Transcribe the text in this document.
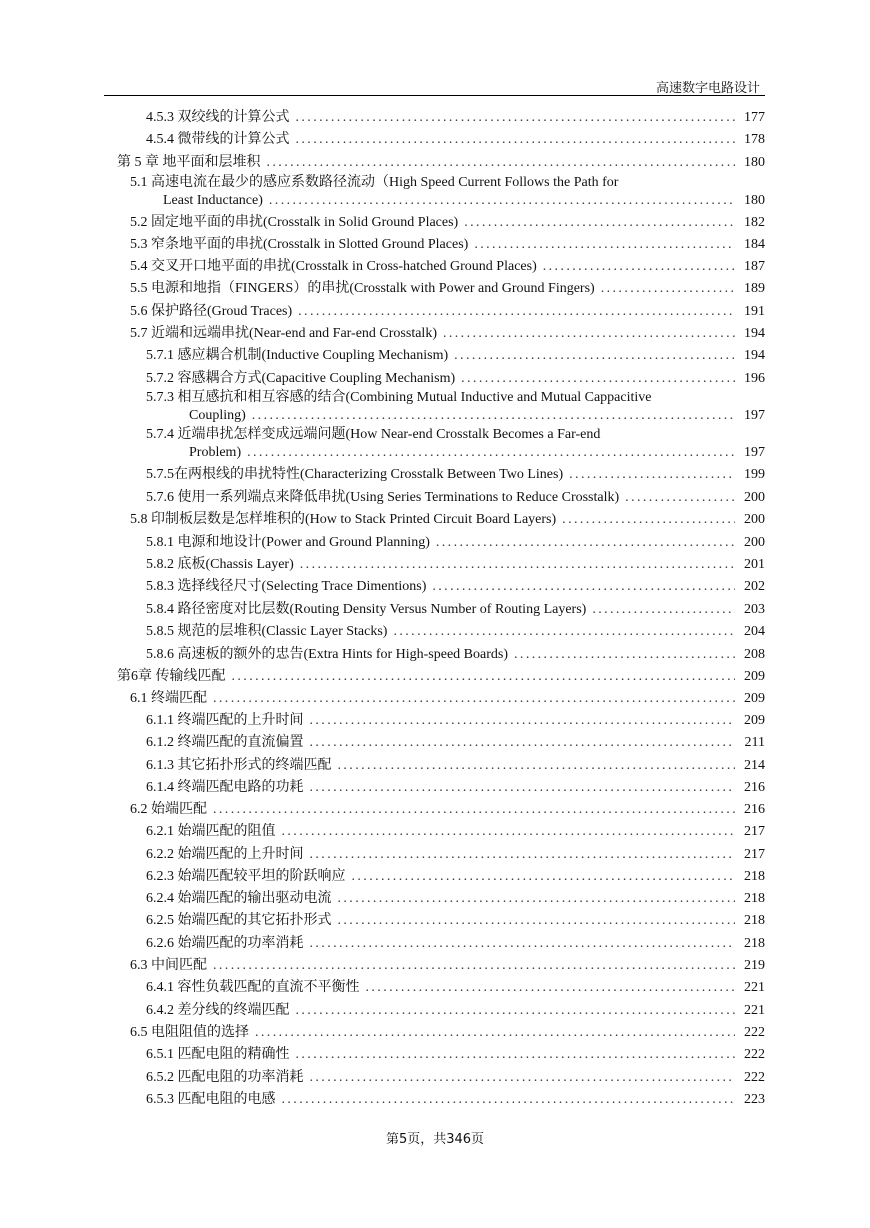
高速数字电路设计
4.5.3 双绞线的计算公式 .....	177
4.5.4 微带线的计算公式 .....	178
第 5 章 地平面和层堆积 .....	180
5.1 高速电流在最少的感应系数路径流动（High Speed Current Follows the Path for
Least Inductance) .....	180
5.2 固定地平面的串扰(Crosstalk in Solid Ground Places) .....	182
5.3 窄条地平面的串扰(Crosstalk in Slotted Ground Places) .....	184
5.4 交叉开口地平面的串扰(Crosstalk in Cross-hatched Ground Places) .....	187
5.5 电源和地指（FINGERS）的串扰(Crosstalk with Power and Ground Fingers) .....	189
5.6 保护路径(Groud Traces) .....	191
5.7 近端和远端串扰(Near-end and Far-end Crosstalk) .....	194
5.7.1 感应耦合机制(Inductive Coupling Mechanism) .....	194
5.7.2 容感耦合方式(Capacitive Coupling Mechanism) .....	196
5.7.3 相互感抗和相互容感的结合(Combining Mutual Inductive and Mutual Cappacitive
Coupling) .....	197
5.7.4 近端串扰怎样变成远端问题(How Near-end Crosstalk Becomes a Far-end
Problem) .....	197
5.7.5在两根线的串扰特性(Characterizing Crosstalk Between Two Lines) .....	199
5.7.6 使用一系列端点来降低串扰(Using Series Terminations to Reduce Crosstalk) .....	200
5.8 印制板层数是怎样堆积的(How to Stack Printed Circuit Board Layers) .....	200
5.8.1 电源和地设计(Power and Ground Planning) .....	200
5.8.2 底板(Chassis Layer) .....	201
5.8.3 选择线径尺寸(Selecting Trace Dimentions) .....	202
5.8.4 路径密度对比层数(Routing Density Versus Number of Routing Layers) .....	203
5.8.5 规范的层堆积(Classic Layer Stacks) .....	204
5.8.6 高速板的额外的忠告(Extra Hints for High-speed Boards) .....	208
第6章 传输线匹配 .....	209
6.1 终端匹配 .....	209
6.1.1 终端匹配的上升时间 .....	209
6.1.2 终端匹配的直流偏置 .....	211
6.1.3 其它拓扑形式的终端匹配 .....	214
6.1.4 终端匹配电路的功耗 .....	216
6.2 始端匹配 .....	216
6.2.1 始端匹配的阻值 .....	217
6.2.2 始端匹配的上升时间 .....	217
6.2.3 始端匹配较平坦的阶跃响应 .....	218
6.2.4 始端匹配的输出驱动电流 .....	218
6.2.5 始端匹配的其它拓扑形式 .....	218
6.2.6 始端匹配的功率消耗 .....	218
6.3 中间匹配 .....	219
6.4.1 容性负载匹配的直流不平衡性 .....	221
6.4.2 差分线的终端匹配 .....	221
6.5 电阻阻值的选择 .....	222
6.5.1 匹配电阻的精确性 .....	222
6.5.2 匹配电阻的功率消耗 .....	222
6.5.3 匹配电阻的电感 .....	223
第5页，共346页
